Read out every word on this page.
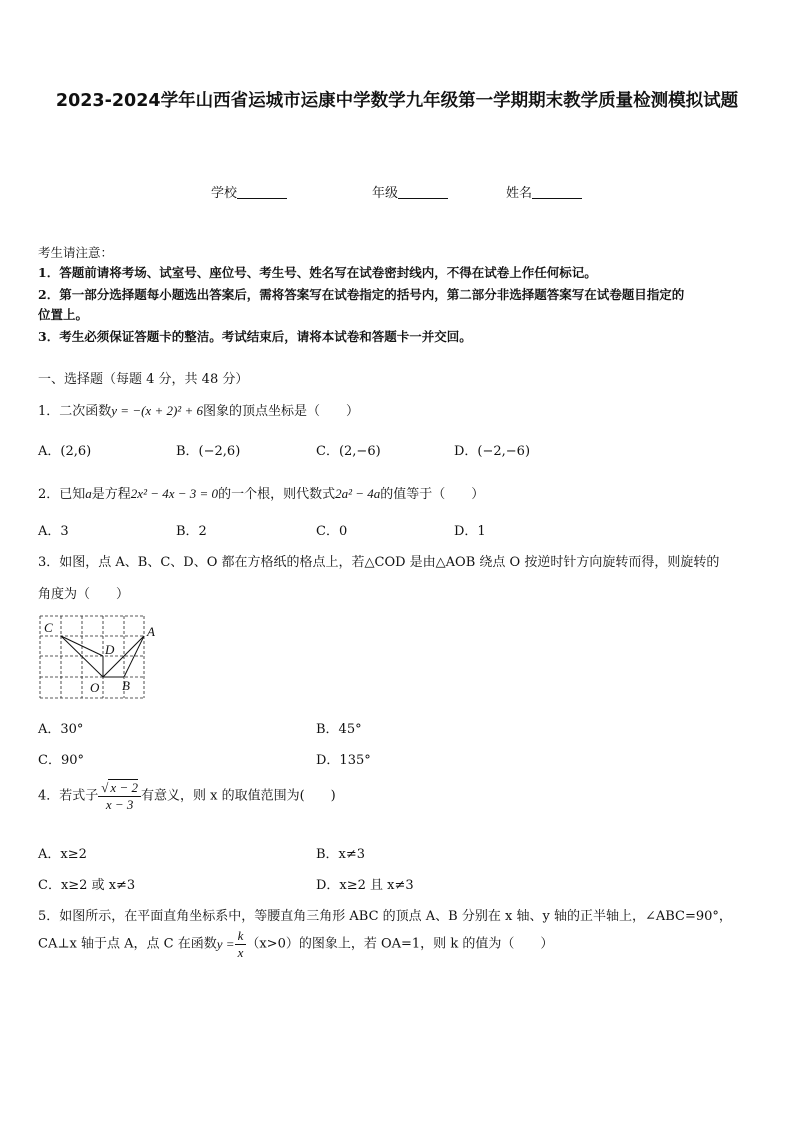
2023-2024学年山西省运城市运康中学数学九年级第一学期期末教学质量检测模拟试题
学校	年级	姓名
考生请注意：
1．答题前请将考场、试室号、座位号、考生号、姓名写在试卷密封线内，不得在试卷上作任何标记。
2．第一部分选择题每小题选出答案后，需将答案写在试卷指定的括号内，第二部分非选择题答案写在试卷题目指定的
位置上。
3．考生必须保证答题卡的整洁。考试结束后，请将本试卷和答题卡一并交回。
一、选择题（每题 4 分，共 48 分）
1．二次函数y = −(x + 2)² + 6图象的顶点坐标是（　　）
A．(2,6)	B．(−2,6)	C．(2,−6)	D．(−2,−6)
2．已知a是方程2x² − 4x − 3 = 0的一个根，则代数式2a² − 4a的值等于（　　）
A．3	B．2	C．0	D．1
3．如图，点 A、B、C、D、O 都在方格纸的格点上，若△COD 是由△AOB 绕点 O 按逆时针方向旋转而得，则旋转的
角度为（　　）
C	A
D
O B
A．30°	B．45°
C．90°	D．135°
4．若式子 $\frac{√ x - 2}{x - 3}$ 有意义，则 x 的取值范围为(　　)
A．x≥2	B．x≠3
C．x≥2 或 x≠3	D．x≥2 且 x≠3
5．如图所示，在平面直角坐标系中，等腰直角三角形 ABC 的顶点 A、B 分别在 x 轴、y 轴的正半轴上，∠ABC=90°，
CA⊥x 轴于点 A，点 C 在函数$y = \frac{k}{x} (x>0)$的图象上，若 OA=1，则 k 的值为（　　）
